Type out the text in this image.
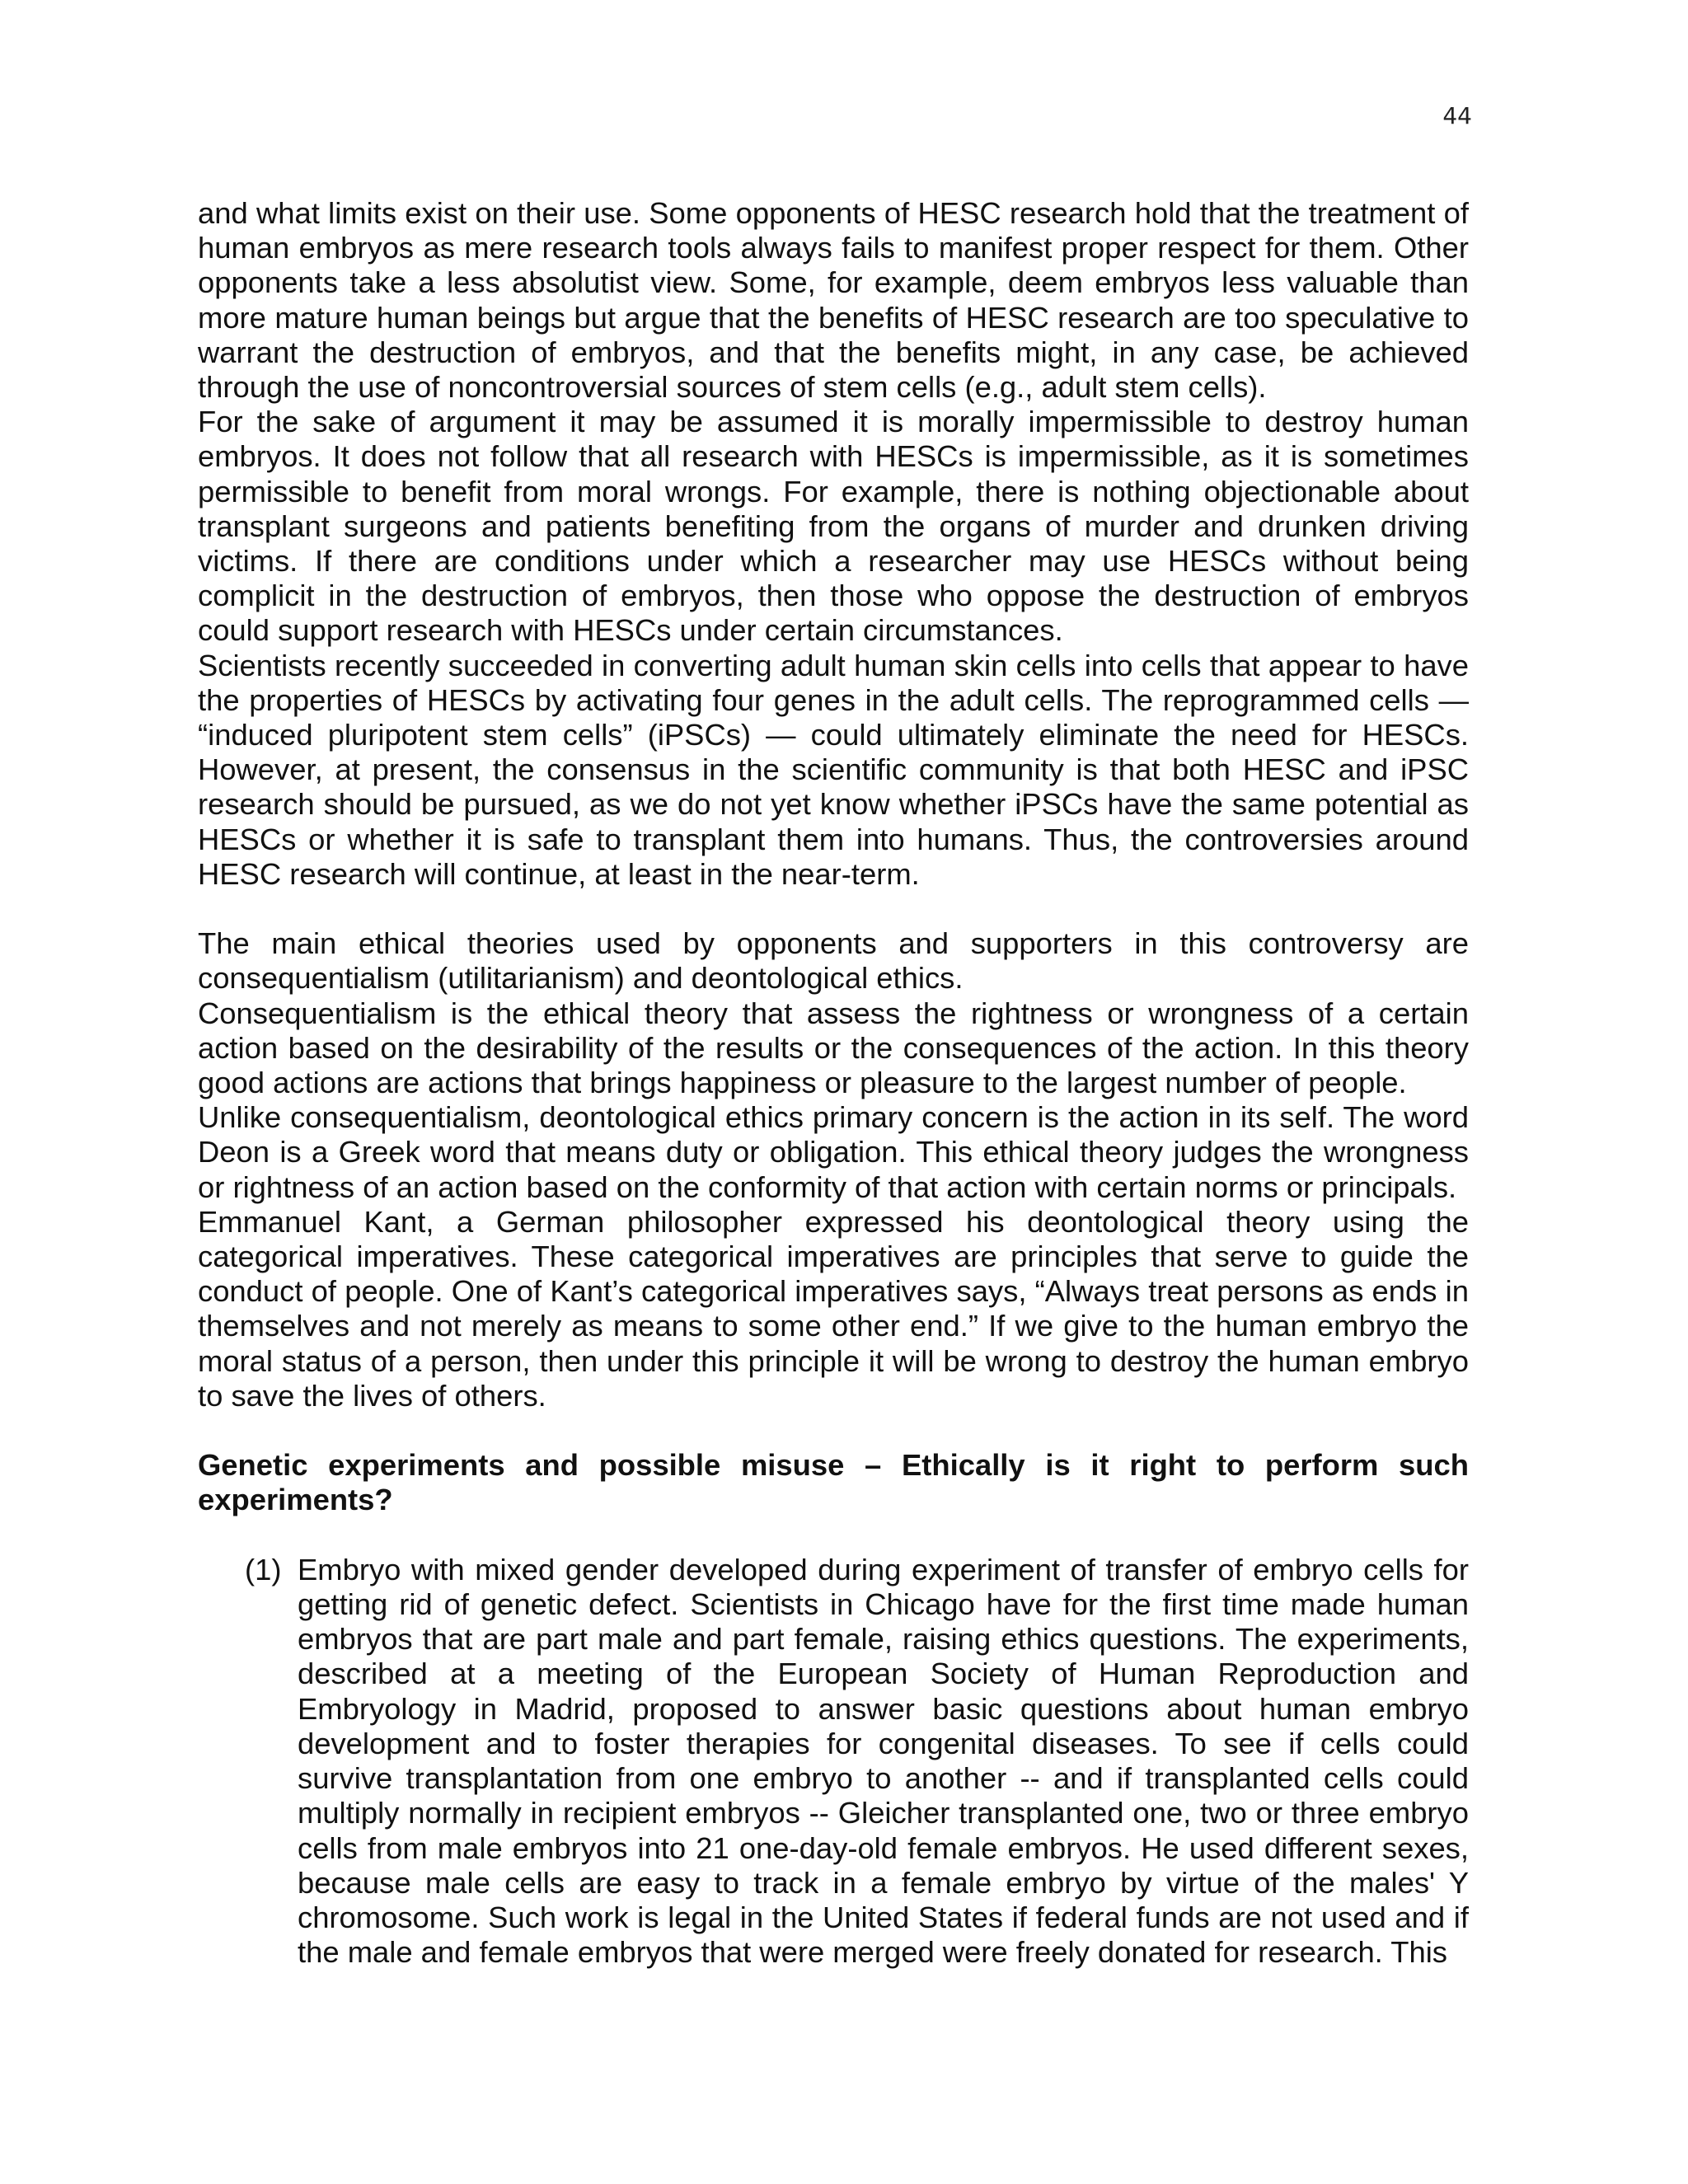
44

and what limits exist on their use. Some opponents of HESC research hold that the treatment of human embryos as mere research tools always fails to manifest proper respect for them. Other opponents take a less absolutist view. Some, for example, deem embryos less valuable than more mature human beings but argue that the benefits of HESC research are too speculative to warrant the destruction of embryos, and that the benefits might, in any case, be achieved through the use of noncontroversial sources of stem cells (e.g., adult stem cells).

For the sake of argument it may be assumed it is morally impermissible to destroy human embryos. It does not follow that all research with HESCs is impermissible, as it is sometimes permissible to benefit from moral wrongs. For example, there is nothing objectionable about transplant surgeons and patients benefiting from the organs of murder and drunken driving victims. If there are conditions under which a researcher may use HESCs without being complicit in the destruction of embryos, then those who oppose the destruction of embryos could support research with HESCs under certain circumstances.

Scientists recently succeeded in converting adult human skin cells into cells that appear to have the properties of HESCs by activating four genes in the adult cells. The reprogrammed cells — “induced pluripotent stem cells” (iPSCs) — could ultimately eliminate the need for HESCs. However, at present, the consensus in the scientific community is that both HESC and iPSC research should be pursued, as we do not yet know whether iPSCs have the same potential as HESCs or whether it is safe to transplant them into humans. Thus, the controversies around HESC research will continue, at least in the near-term.

The main ethical theories used by opponents and supporters in this controversy are consequentialism (utilitarianism) and deontological ethics.

Consequentialism is the ethical theory that assess the rightness or wrongness of a certain action based on the desirability of the results or the consequences of the action. In this theory good actions are actions that brings happiness or pleasure to the largest number of people.

Unlike consequentialism, deontological ethics primary concern is the action in its self. The word Deon is a Greek word that means duty or obligation. This ethical theory judges the wrongness or rightness of an action based on the conformity of that action with certain norms or principals.

Emmanuel Kant, a German philosopher expressed his deontological theory using the categorical imperatives. These categorical imperatives are principles that serve to guide the conduct of people. One of Kant’s categorical imperatives says, “Always treat persons as ends in themselves and not merely as means to some other end.” If we give to the human embryo the moral status of a person, then under this principle it will be wrong to destroy the human embryo to save the lives of others.

Genetic experiments and possible misuse – Ethically is it right to perform such experiments?
(1) Embryo with mixed gender developed during experiment of transfer of embryo cells for getting rid of genetic defect. Scientists in Chicago have for the first time made human embryos that are part male and part female, raising ethics questions. The experiments, described at a meeting of the European Society of Human Reproduction and Embryology in Madrid, proposed to answer basic questions about human embryo development and to foster therapies for congenital diseases. To see if cells could survive transplantation from one embryo to another -- and if transplanted cells could multiply normally in recipient embryos -- Gleicher transplanted one, two or three embryo cells from male embryos into 21 one-day-old female embryos. He used different sexes, because male cells are easy to track in a female embryo by virtue of the males' Y chromosome. Such work is legal in the United States if federal funds are not used and if the male and female embryos that were merged were freely donated for research. This
